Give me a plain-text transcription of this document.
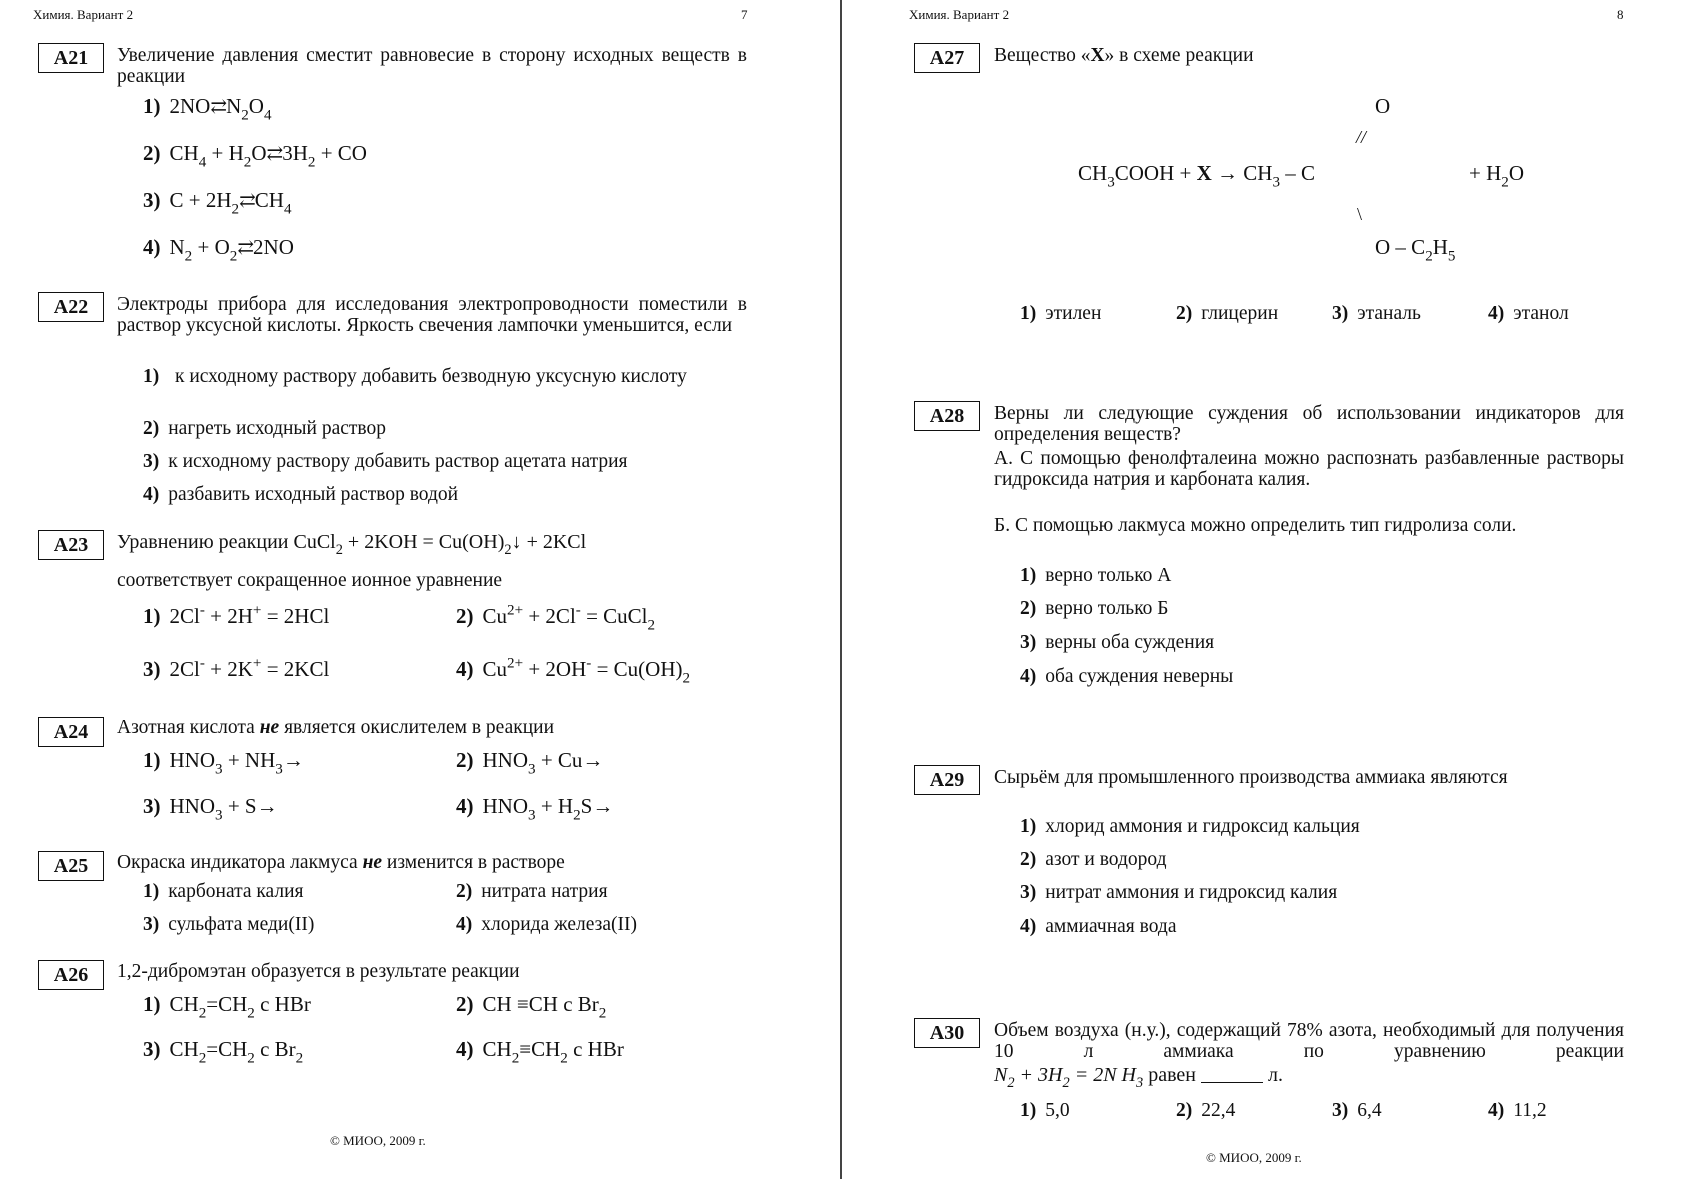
Химия. Вариант 2	7
А21	Увеличение давления сместит равновесие в сторону исходных веществ в реакции
1) $2NO⇄N_2O_4$
2) $CH_4$ + $H_2O⇄3H_2$ + CO
3) $C + 2H_2⇄CH_4$
4) $N_2$ + $O_2⇄2NO$
А22	Электроды прибора для исследования электропроводности поместили в раствор уксусной кислоты. Яркость свечения лампочки уменьшится, если
1) к исходному раствору добавить безводную уксусную кислоту
2) нагреть исходный раствор
3) к исходному раствору добавить раствор ацетата натрия
4) разбавить исходный раствор водой
А23	Уравнению реакции CuCl$_2$ + $2KOH = Cu(OH)_2↓ + 2KCl$
соответствует сокращенное ионное уравнение
1) 2Cl- + 2H+ = 2HCl	2) $Cu^{2+} + 2Cl^-$ = CuCl$_2$
3) 2Cl- + 2K+ = 2KCl	4) $Cu^{2+} + 2OH^- = Cu(OH)_2$
А24	Азотная кислота не является окислителем в реакции
1) $HNO_3 + NH_3\to$	2) $HNO_3 + Cu\to$
3) $HNO_3 + S\to$	4) $HNO_3 + H_2S\to$
А25	Окраска индикатора лакмуса не изменится в растворе
1) карбоната калия	2) нитрата натрия
3) сульфата меди(II)	4) хлорида железа(II)
А26	1,2-дибромэтан образуется в результате реакции
1) $CH_2=CH_2$ с HBr	2) CH ≡CH с $Br_2$
3) $CH_2=CH_2$ с $Br_2$	4) $CH_2\equiv CH_2$ с HBr
© МИОО, 2009 г.
Химия. Вариант 2	8
А27	Вещество «X» в схеме реакции
O
//
$CH_3COOH + X \to CH_3 - C$	+ $H_2O$
\
O – $C_2H_5$
1) этилен	2) глицерин	3) этаналь	4) этанол
А28	Верны ли следующие суждения об использовании индикаторов для определения веществ?
А. С помощью фенолфталеина можно распознать разбавленные растворы гидроксида натрия и карбоната калия.
Б. С помощью лакмуса можно определить тип гидролиза соли.
1) верно только А
2) верно только Б
3) верны оба суждения
4) оба суждения неверны
А29	Сырьём для промышленного производства аммиака являются
1) хлорид аммония и гидроксид кальция
2) азот и водород
3) нитрат аммония и гидроксид калия
4) аммиачная вода
А30	Объем воздуха (н.у.), содержащий 78% азота, необходимый для получения 10 л аммиака по уравнению реакции
$N_2 + 3H_2 = 2N$ $H_3$ равен	л.
1) 5,0	2) 22,4	3) 6,4	4) 11,2
© МИОО, 2009 г.
